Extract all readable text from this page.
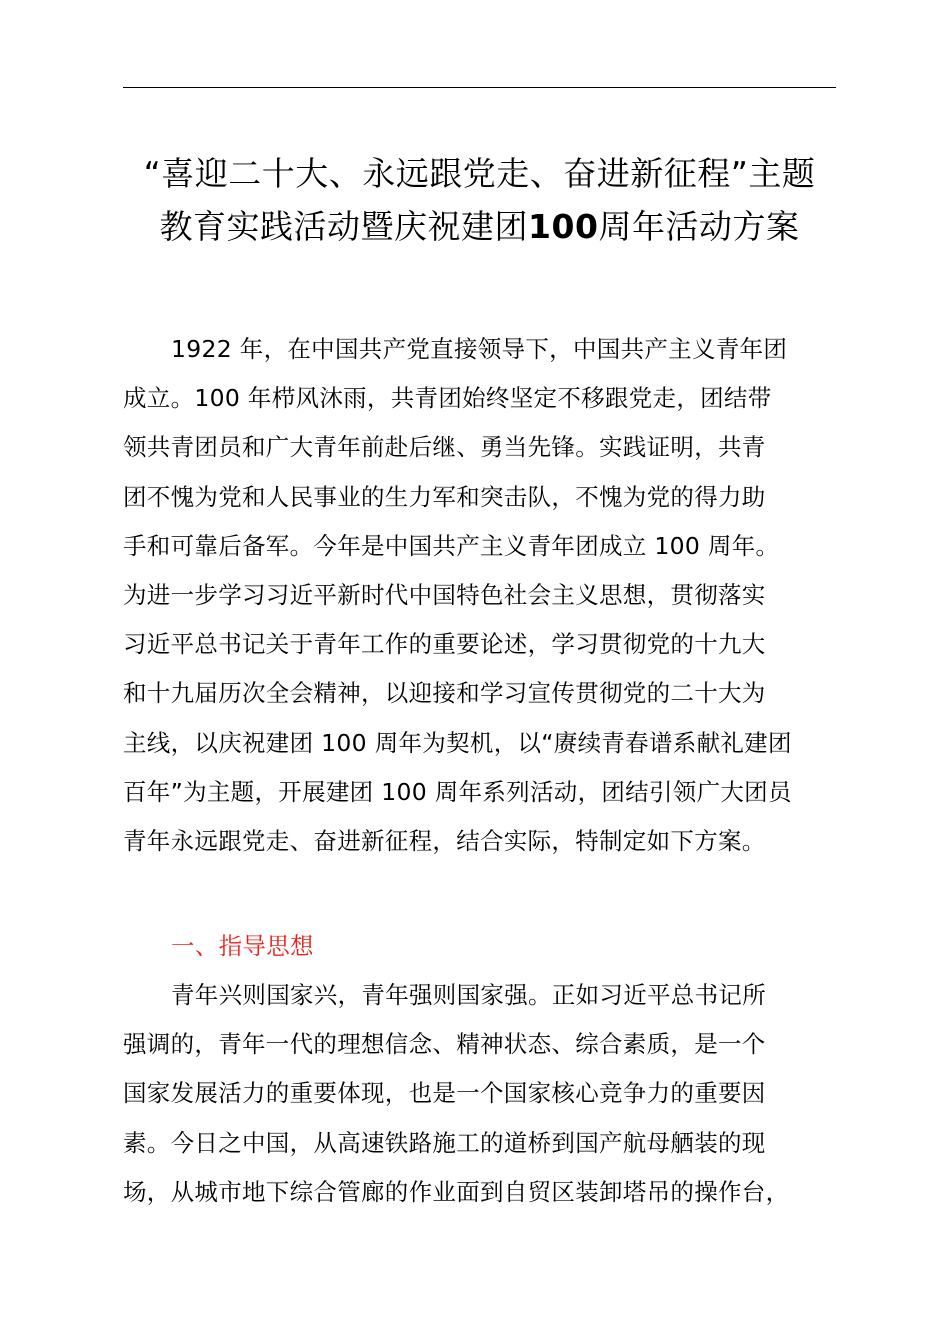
“喜迎二十大、永远跟党走、奋进新征程”主题
教育实践活动暨庆祝建团100周年活动方案
1922 年，在中国共产党直接领导下，中国共产主义青年团
成立。100 年栉风沐雨，共青团始终坚定不移跟党走，团结带
领共青团员和广大青年前赴后继、勇当先锋。实践证明，共青
团不愧为党和人民事业的生力军和突击队，不愧为党的得力助
手和可靠后备军。今年是中国共产主义青年团成立 100 周年。
为进一步学习习近平新时代中国特色社会主义思想，贯彻落实
习近平总书记关于青年工作的重要论述，学习贯彻党的十九大
和十九届历次全会精神，以迎接和学习宣传贯彻党的二十大为
主线，以庆祝建团 100 周年为契机，以“赓续青春谱系献礼建团
百年”为主题，开展建团 100 周年系列活动，团结引领广大团员
青年永远跟党走、奋进新征程，结合实际，特制定如下方案。
一、指导思想
青年兴则国家兴，青年强则国家强。正如习近平总书记所
强调的，青年一代的理想信念、精神状态、综合素质，是一个
国家发展活力的重要体现，也是一个国家核心竞争力的重要因
素。今日之中国，从高速铁路施工的道桥到国产航母舾装的现
场，从城市地下综合管廊的作业面到自贸区装卸塔吊的操作台，
